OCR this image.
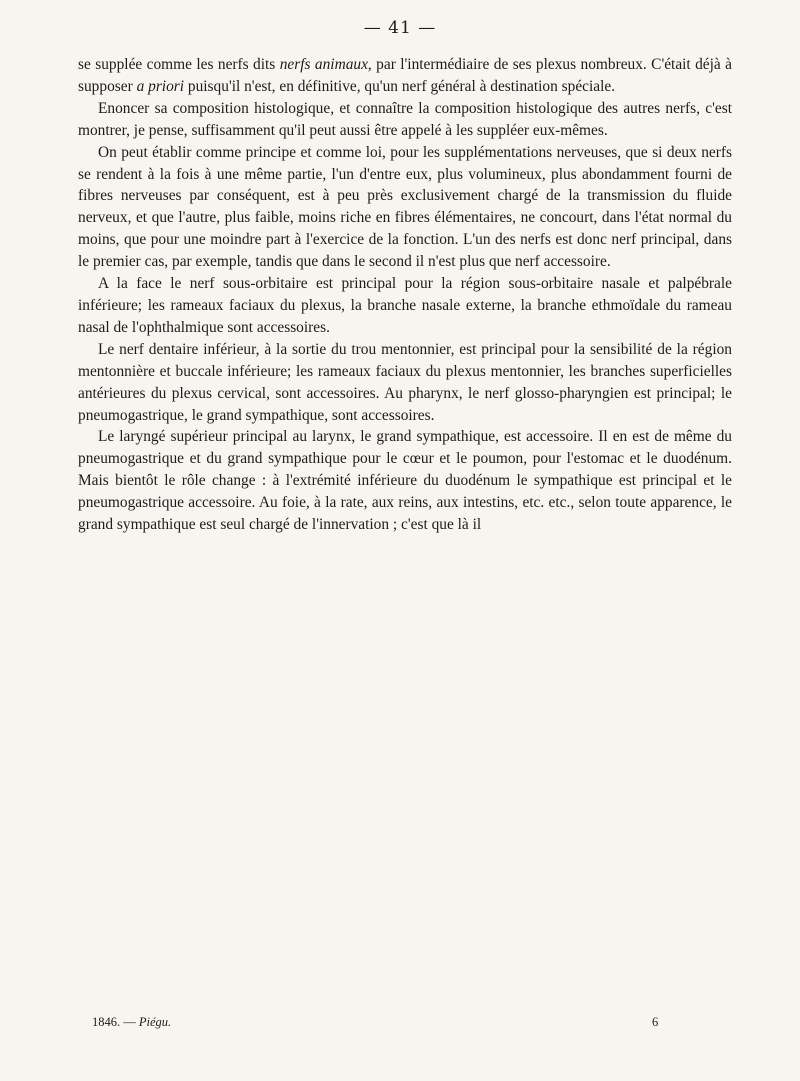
— 41 —

se supplée comme les nerfs dits nerfs animaux, par l'intermédiaire de ses plexus nombreux. C'était déjà à supposer a priori puisqu'il n'est, en définitive, qu'un nerf général à destination spéciale.

Enoncer sa composition histologique, et connaître la composition histologique des autres nerfs, c'est montrer, je pense, suffisamment qu'il peut aussi être appelé à les suppléer eux-mêmes.

On peut établir comme principe et comme loi, pour les supplémentations nerveuses, que si deux nerfs se rendent à la fois à une même partie, l'un d'entre eux, plus volumineux, plus abondamment fourni de fibres nerveuses par conséquent, est à peu près exclusivement chargé de la transmission du fluide nerveux, et que l'autre, plus faible, moins riche en fibres élémentaires, ne concourt, dans l'état normal du moins, que pour une moindre part à l'exercice de la fonction. L'un des nerfs est donc nerf principal, dans le premier cas, par exemple, tandis que dans le second il n'est plus que nerf accessoire.

A la face le nerf sous-orbitaire est principal pour la région sous-orbitaire nasale et palpébrale inférieure; les rameaux faciaux du plexus, la branche nasale externe, la branche ethmoïdale du rameau nasal de l'ophthalmique sont accessoires.

Le nerf dentaire inférieur, à la sortie du trou mentonnier, est principal pour la sensibilité de la région mentonnière et buccale inférieure; les rameaux faciaux du plexus mentonnier, les branches superficielles antérieures du plexus cervical, sont accessoires. Au pharynx, le nerf glosso-pharyngien est principal; le pneumogastrique, le grand sympathique, sont accessoires.

Le laryngé supérieur principal au larynx, le grand sympathique, est accessoire. Il en est de même du pneumogastrique et du grand sympathique pour le cœur et le poumon, pour l'estomac et le duodénum. Mais bientôt le rôle change : à l'extrémité inférieure du duodénum le sympathique est principal et le pneumogastrique accessoire. Au foie, à la rate, aux reins, aux intestins, etc. etc., selon toute apparence, le grand sympathique est seul chargé de l'innervation ; c'est que là il

1846. — Piégu.	6
